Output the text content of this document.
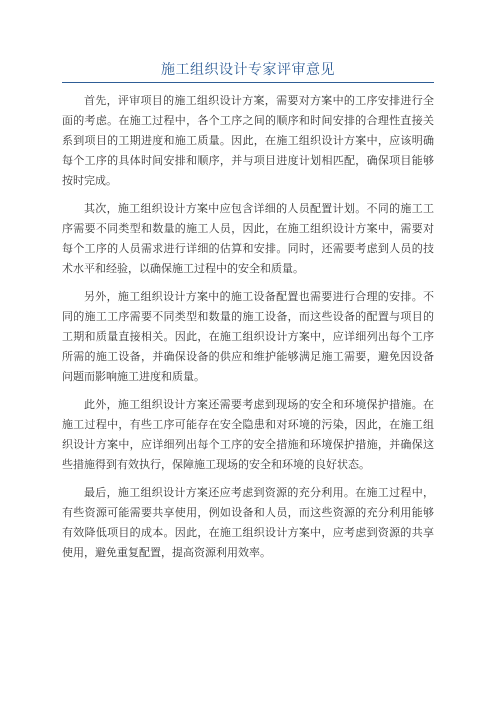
施工组织设计专家评审意见

首先，评审项目的施工组织设计方案，需要对方案中的工序安排进行全面的考虑。在施工过程中，各个工序之间的顺序和时间安排的合理性直接关系到项目的工期进度和施工质量。因此，在施工组织设计方案中，应该明确每个工序的具体时间安排和顺序，并与项目进度计划相匹配，确保项目能够按时完成。

其次，施工组织设计方案中应包含详细的人员配置计划。不同的施工工序需要不同类型和数量的施工人员，因此，在施工组织设计方案中，需要对每个工序的人员需求进行详细的估算和安排。同时，还需要考虑到人员的技术水平和经验，以确保施工过程中的安全和质量。

另外，施工组织设计方案中的施工设备配置也需要进行合理的安排。不同的施工工序需要不同类型和数量的施工设备，而这些设备的配置与项目的工期和质量直接相关。因此，在施工组织设计方案中，应详细列出每个工序所需的施工设备，并确保设备的供应和维护能够满足施工需要，避免因设备问题而影响施工进度和质量。

此外，施工组织设计方案还需要考虑到现场的安全和环境保护措施。在施工过程中，有些工序可能存在安全隐患和对环境的污染，因此，在施工组织设计方案中，应详细列出每个工序的安全措施和环境保护措施，并确保这些措施得到有效执行，保障施工现场的安全和环境的良好状态。

最后，施工组织设计方案还应考虑到资源的充分利用。在施工过程中，有些资源可能需要共享使用，例如设备和人员，而这些资源的充分利用能够有效降低项目的成本。因此，在施工组织设计方案中，应考虑到资源的共享使用，避免重复配置，提高资源利用效率。
